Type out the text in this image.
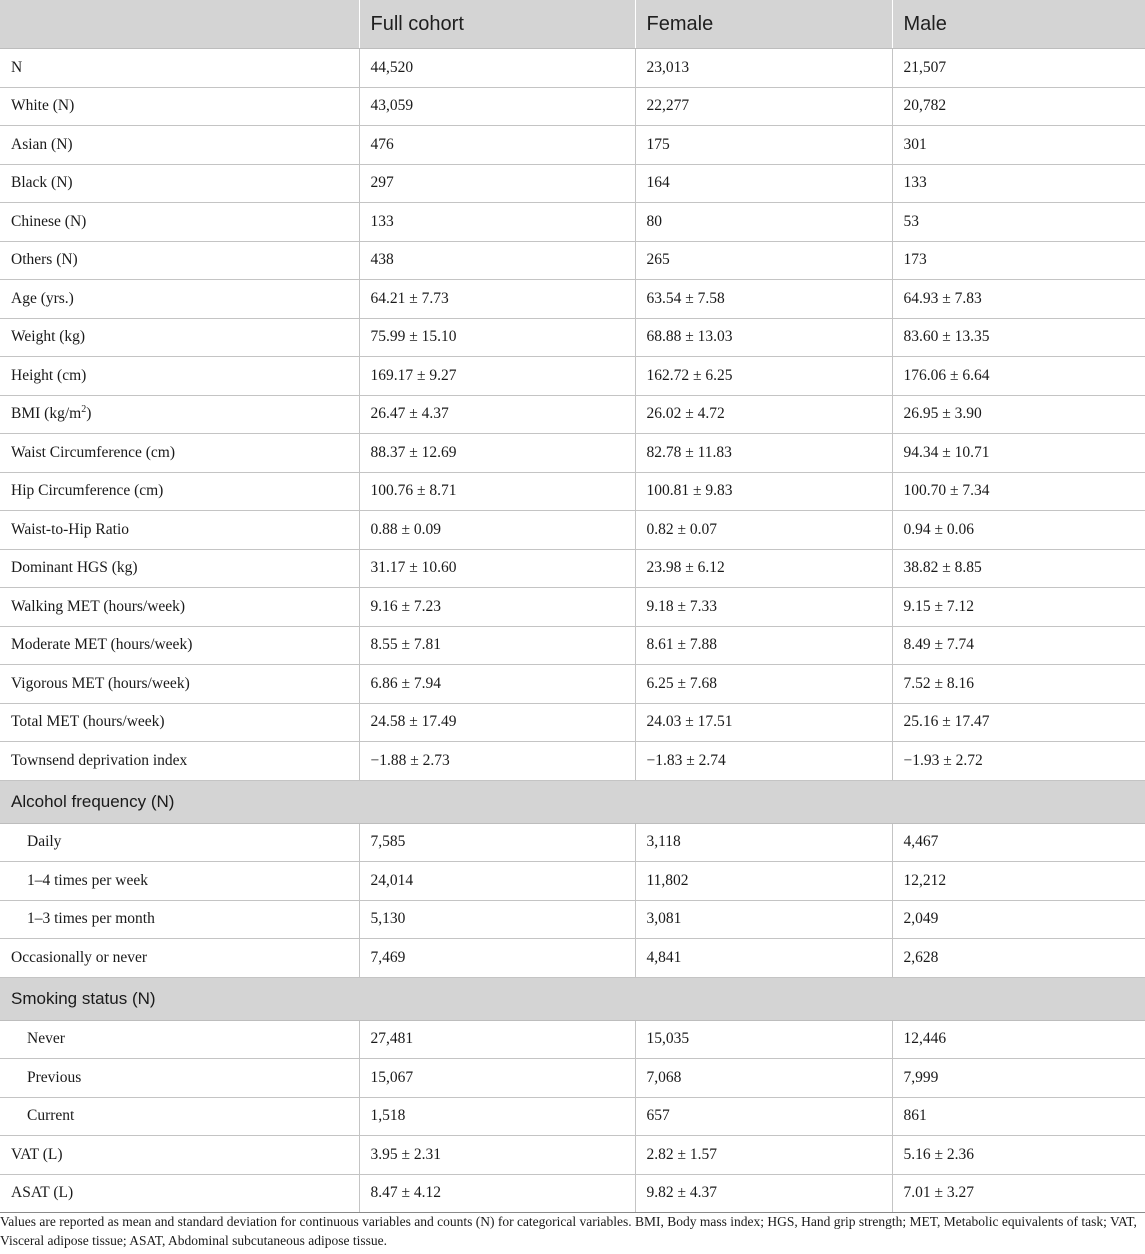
	Full cohort	Female	Male
N	44,520	23,013	21,507
White (N)	43,059	22,277	20,782
Asian (N)	476	175	301
Black (N)	297	164	133
Chinese (N)	133	80	53
Others (N)	438	265	173
Age (yrs.)	64.21 ± 7.73	63.54 ± 7.58	64.93 ± 7.83
Weight (kg)	75.99 ± 15.10	68.88 ± 13.03	83.60 ± 13.35
Height (cm)	169.17 ± 9.27	162.72 ± 6.25	176.06 ± 6.64
BMI $(kg/m^2)$	26.47 ± 4.37	26.02 ± 4.72	26.95 ± 3.90
Waist Circumference (cm)	88.37 ± 12.69	82.78 ± 11.83	94.34 ± 10.71
Hip Circumference (cm)	100.76 ± 8.71	100.81 ± 9.83	100.70 ± 7.34
Waist-to-Hip Ratio	0.88 ± 0.09	0.82 ± 0.07	0.94 ± 0.06
Dominant HGS (kg)	31.17 ± 10.60	23.98 ± 6.12	38.82 ± 8.85
Walking MET (hours/week)	9.16 ± 7.23	9.18 ± 7.33	9.15 ± 7.12
Moderate MET (hours/week)	8.55 ± 7.81	8.61 ± 7.88	8.49 ± 7.74
Vigorous MET (hours/week)	6.86 ± 7.94	6.25 ± 7.68	7.52 ± 8.16
Total MET (hours/week)	24.58 ± 17.49	24.03 ± 17.51	25.16 ± 17.47
Townsend deprivation index	−1.88 ± 2.73	−1.83 ± 2.74	−1.93 ± 2.72
Alcohol frequency (N)			
Daily	7,585	3,118	4,467
1–4 times per week	24,014	11,802	12,212
1–3 times per month	5,130	3,081	2,049
Occasionally or never	7,469	4,841	2,628
Smoking status (N)			
Never	27,481	15,035	12,446
Previous	15,067	7,068	7,999
Current	1,518	657	861
VAT (L)	3.95 ± 2.31	2.82 ± 1.57	5.16 ± 2.36
ASAT (L)	8.47 ± 4.12	9.82 ± 4.37	7.01 ± 3.27
Values are reported as mean and standard deviation for continuous variables and counts (N) for categorical variables. BMI, Body mass index; HGS, Hand grip strength; MET, Metabolic equivalents of task; VAT, Visceral adipose tissue; ASAT, Abdominal subcutaneous adipose tissue.
